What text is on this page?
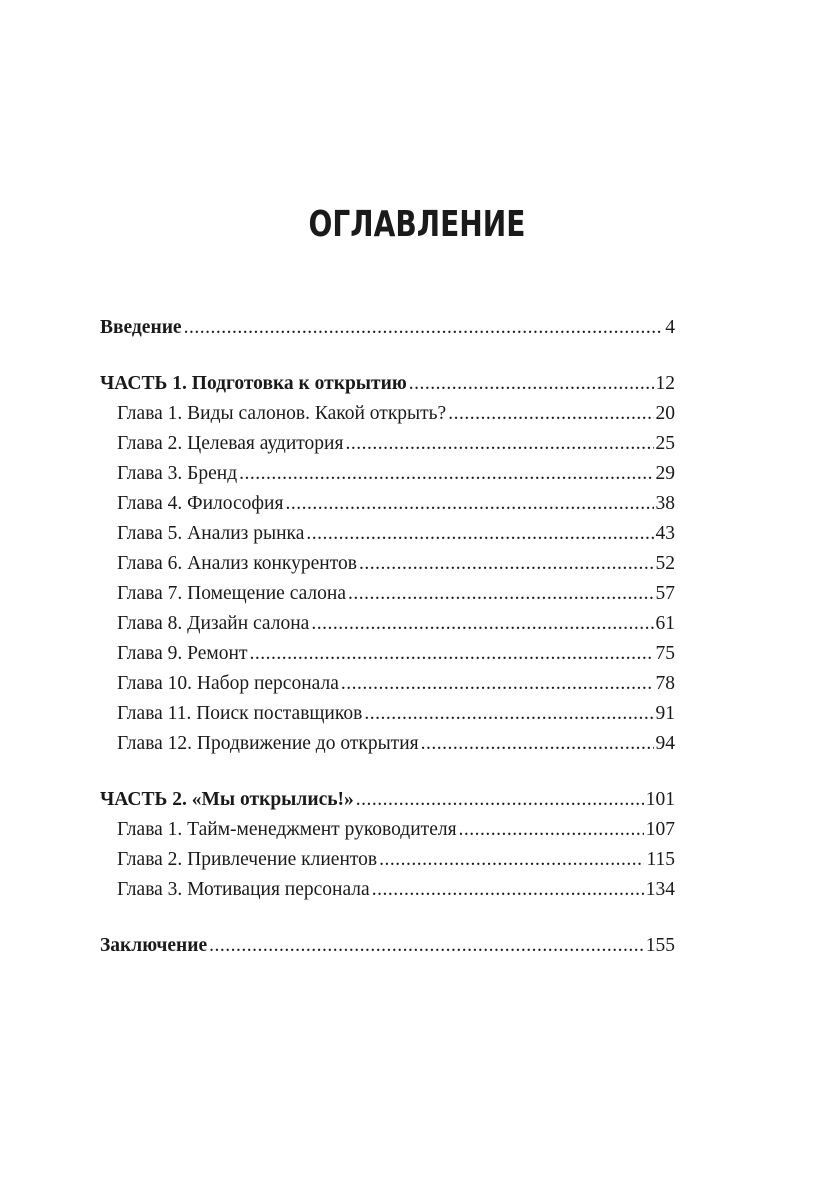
ОГЛАВЛЕНИЕ
Введение .....	4
ЧАСТЬ 1. Подготовка к открытию .....	12
Глава 1. Виды салонов. Какой открыть? .....	20
Глава 2. Целевая аудитория .....	25
Глава 3. Бренд .....	29
Глава 4. Философия .....	38
Глава 5. Анализ рынка .....	43
Глава 6. Анализ конкурентов .....	52
Глава 7. Помещение салона .....	57
Глава 8. Дизайн салона .....	61
Глава 9. Ремонт .....	75
Глава 10. Набор персонала .....	78
Глава 11. Поиск поставщиков .....	91
Глава 12. Продвижение до открытия .....	94
ЧАСТЬ 2. «Мы открылись!» .....	101
Глава 1. Тайм-менеджмент руководителя .....	107
Глава 2. Привлечение клиентов .....	115
Глава 3. Мотивация персонала .....	134
Заключение .....	155
